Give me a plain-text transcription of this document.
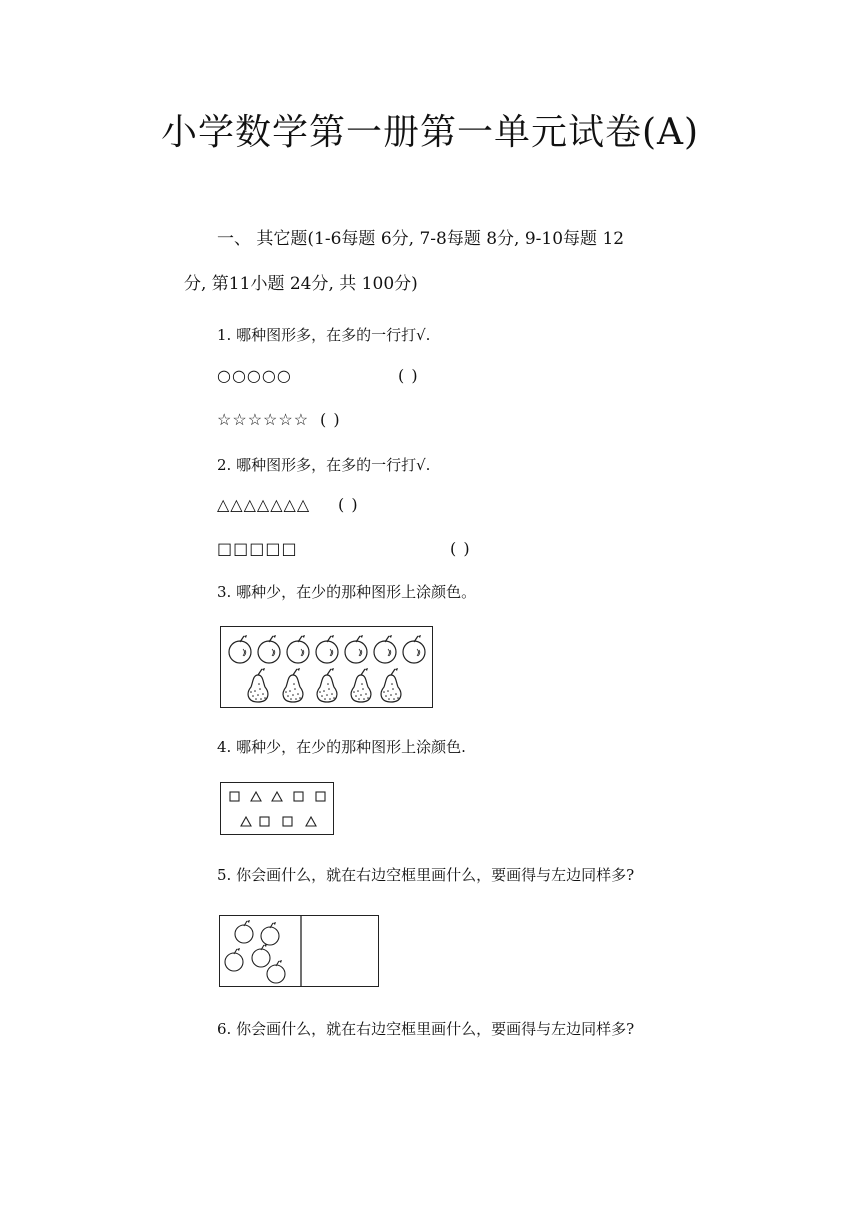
小学数学第一册第一单元试卷(A)
一、 其它题(1-6每题 6分, 7-8每题 8分, 9-10每题 12
分, 第11小题 24分, 共 100分)
1. 哪种图形多，在多的一行打√.
○○○○○	( )
☆☆☆☆☆☆ ( )
2. 哪种图形多，在多的一行打√.
△△△△△△△ ( )
□□□□□	( )
3. 哪种少，在少的那种图形上涂颜色。
4. 哪种少，在少的那种图形上涂颜色.
5. 你会画什么，就在右边空框里画什么，要画得与左边同样多?
6. 你会画什么，就在右边空框里画什么，要画得与左边同样多?
